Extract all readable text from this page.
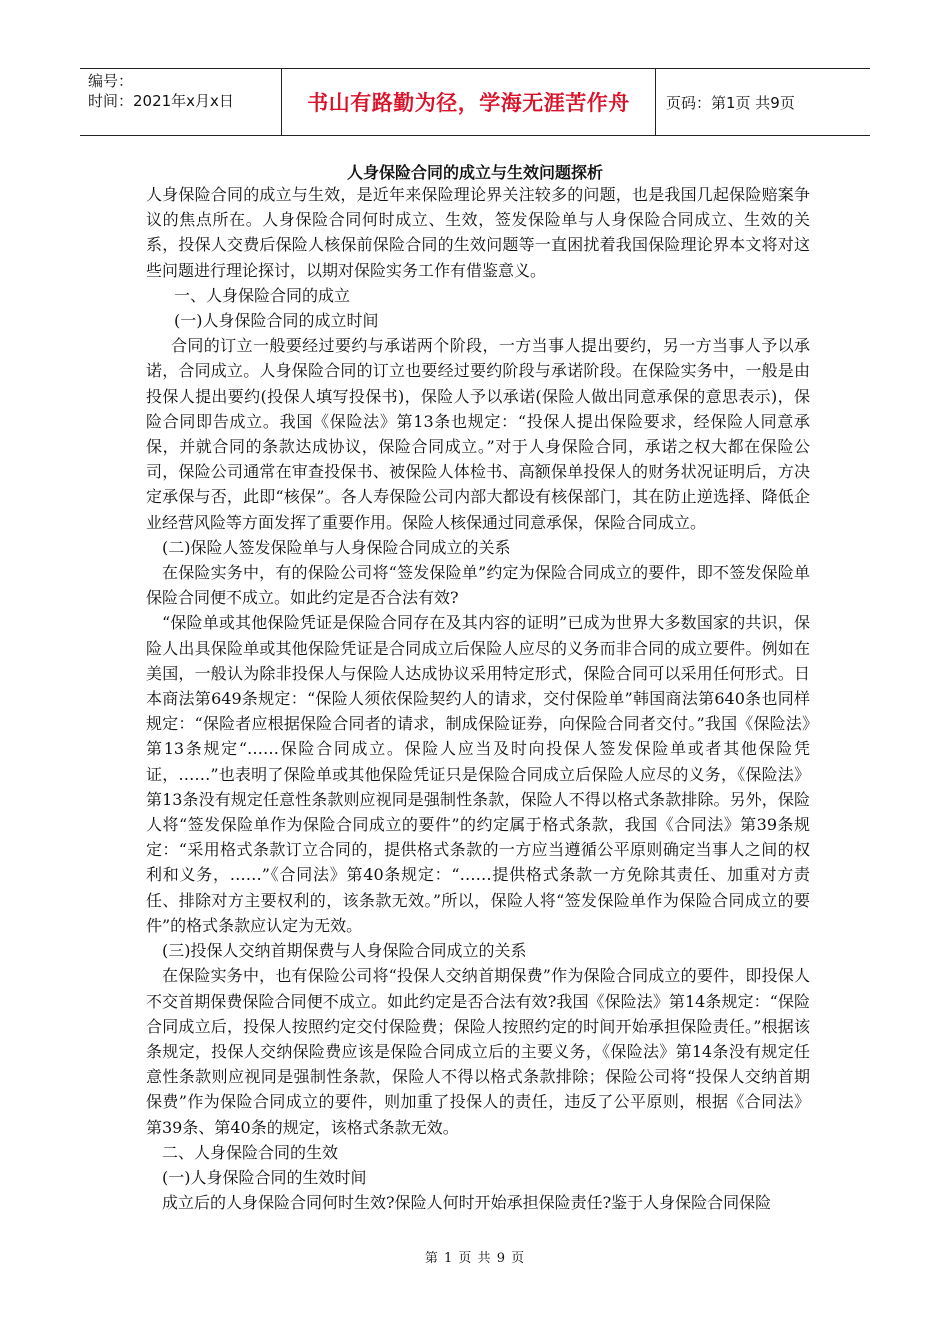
编号：
时间：2021年x月x日	书山有路勤为径，学海无涯苦作舟 页码：第1页 共9页
人身保险合同的成立与生效问题探析

人身保险合同的成立与生效，是近年来保险理论界关注较多的问题，也是我国几起保险赔案争议的焦点所在。人身保险合同何时成立、生效，签发保险单与人身保险合同成立、生效的关系，投保人交费后保险人核保前保险合同的生效问题等一直困扰着我国保险理论界本文将对这些问题进行理论探讨，以期对保险实务工作有借鉴意义。

一、人身保险合同的成立

(一)人身保险合同的成立时间

合同的订立一般要经过要约与承诺两个阶段，一方当事人提出要约，另一方当事人予以承诺，合同成立。人身保险合同的订立也要经过要约阶段与承诺阶段。在保险实务中，一般是由投保人提出要约(投保人填写投保书)，保险人予以承诺(保险人做出同意承保的意思表示)，保险合同即告成立。我国《保险法》第13条也规定：“投保人提出保险要求，经保险人同意承保，并就合同的条款达成协议，保险合同成立。”对于人身保险合同，承诺之权大都在保险公司，保险公司通常在审查投保书、被保险人体检书、高额保单投保人的财务状况证明后，方决定承保与否，此即“核保”。各人寿保险公司内部大都设有核保部门，其在防止逆选择、降低企业经营风险等方面发挥了重要作用。保险人核保通过同意承保，保险合同成立。

(二)保险人签发保险单与人身保险合同成立的关系

在保险实务中，有的保险公司将“签发保险单”约定为保险合同成立的要件，即不签发保险单保险合同便不成立。如此约定是否合法有效?

“保险单或其他保险凭证是保险合同存在及其内容的证明”已成为世界大多数国家的共识，保险人出具保险单或其他保险凭证是合同成立后保险人应尽的义务而非合同的成立要件。例如在美国，一般认为除非投保人与保险人达成协议采用特定形式，保险合同可以采用任何形式。日本商法第649条规定：“保险人须依保险契约人的请求，交付保险单”韩国商法第640条也同样规定：“保险者应根据保险合同者的请求，制成保险证券，向保险合同者交付。”我国《保险法》第13条规定“……保险合同成立。保险人应当及时向投保人签发保险单或者其他保险凭证，……”也表明了保险单或其他保险凭证只是保险合同成立后保险人应尽的义务，《保险法》第13条没有规定任意性条款则应视同是强制性条款，保险人不得以格式条款排除。另外，保险人将“签发保险单作为保险合同成立的要件”的约定属于格式条款，我国《合同法》第39条规定：“采用格式条款订立合同的，提供格式条款的一方应当遵循公平原则确定当事人之间的权利和义务，……”《合同法》第40条规定：“……提供格式条款一方免除其责任、加重对方责任、排除对方主要权利的，该条款无效。”所以，保险人将“签发保险单作为保险合同成立的要件”的格式条款应认定为无效。

(三)投保人交纳首期保费与人身保险合同成立的关系

在保险实务中，也有保险公司将“投保人交纳首期保费”作为保险合同成立的要件，即投保人不交首期保费保险合同便不成立。如此约定是否合法有效?我国《保险法》第14条规定：“保险合同成立后，投保人按照约定交付保险费；保险人按照约定的时间开始承担保险责任。”根据该条规定，投保人交纳保险费应该是保险合同成立后的主要义务，《保险法》第14条没有规定任意性条款则应视同是强制性条款，保险人不得以格式条款排除；保险公司将“投保人交纳首期保费”作为保险合同成立的要件，则加重了投保人的责任，违反了公平原则，根据《合同法》第39条、第40条的规定，该格式条款无效。

二、人身保险合同的生效

(一)人身保险合同的生效时间

成立后的人身保险合同何时生效?保险人何时开始承担保险责任?鉴于人身保险合同保险

第 1 页 共 9 页
